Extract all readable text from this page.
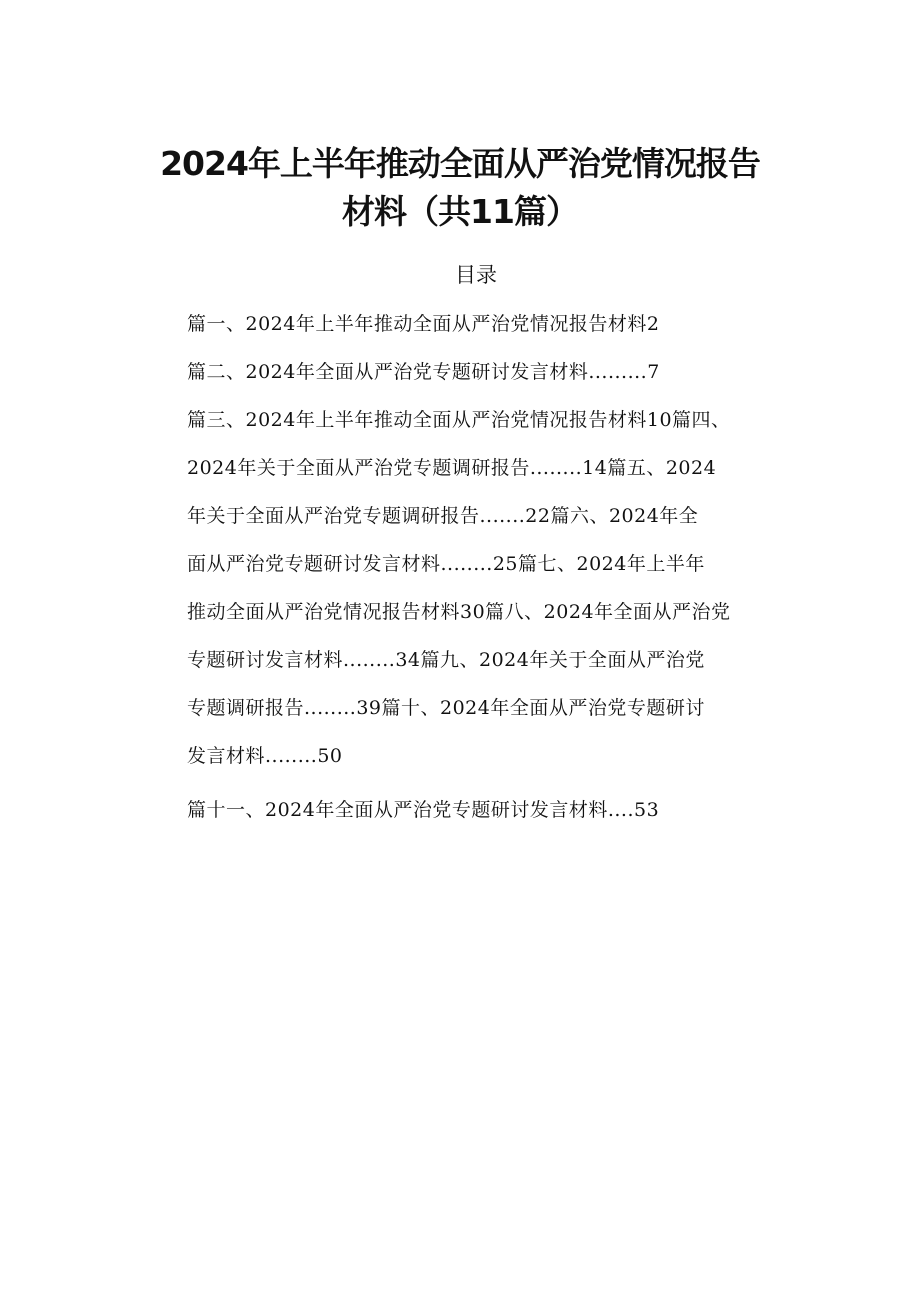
2024年上半年推动全面从严治党情况报告
材料（共11篇）
目录
篇一、2024年上半年推动全面从严治党情况报告材料2
篇二、2024年全面从严治党专题研讨发言材料.........7
篇三、2024年上半年推动全面从严治党情况报告材料10篇四、
2024年关于全面从严治党专题调研报告........14篇五、2024
年关于全面从严治党专题调研报告.......22篇六、2024年全
面从严治党专题研讨发言材料........25篇七、2024年上半年
推动全面从严治党情况报告材料30篇八、2024年全面从严治党
专题研讨发言材料........34篇九、2024年关于全面从严治党
专题调研报告........39篇十、2024年全面从严治党专题研讨
发言材料........50
篇十一、2024年全面从严治党专题研讨发言材料....53
